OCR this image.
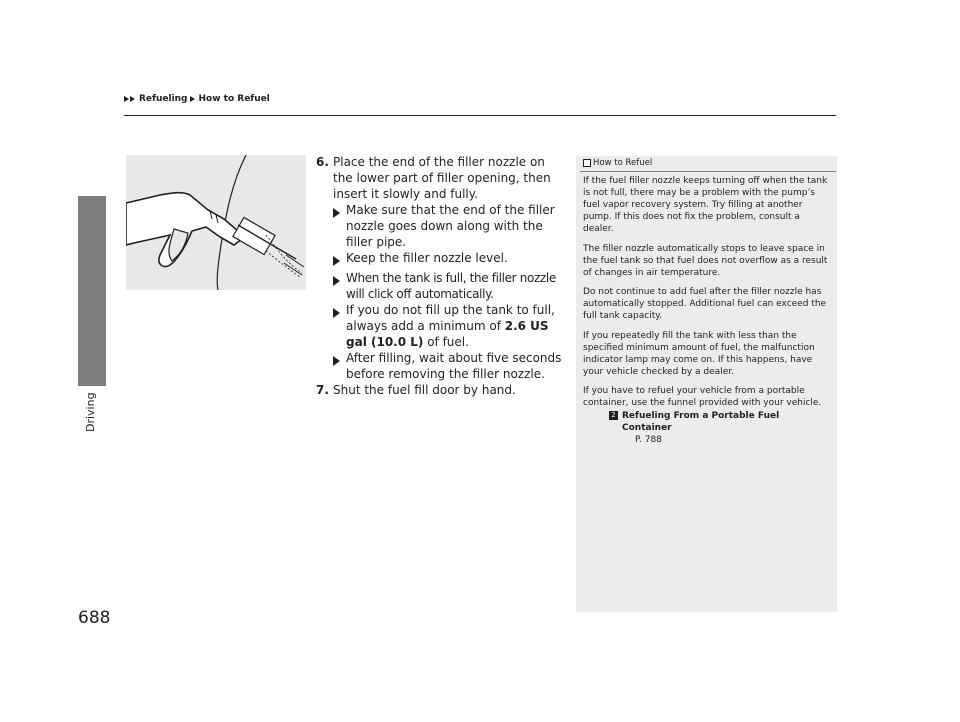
Refueling How to Refuel
Driving
688
6. Place the end of the filler nozzle on the lower part of filler opening, then insert it slowly and fully.
Make sure that the end of the filler nozzle goes down along with the filler pipe.
Keep the filler nozzle level.
When the tank is full, the filler nozzle will click off automatically.
If you do not fill up the tank to full, always add a minimum of 2.6 US gal (10.0 L) of fuel.
After filling, wait about five seconds before removing the filler nozzle.
7. Shut the fuel fill door by hand.
How to Refuel

If the fuel filler nozzle keeps turning off when the tank is not full, there may be a problem with the pump’s fuel vapor recovery system. Try filling at another pump. If this does not fix the problem, consult a dealer.

The filler nozzle automatically stops to leave space in the fuel tank so that fuel does not overflow as a result of changes in air temperature.

Do not continue to add fuel after the filler nozzle has automatically stopped. Additional fuel can exceed the full tank capacity.

If you repeatedly fill the tank with less than the specified minimum amount of fuel, the malfunction indicator lamp may come on. If this happens, have your vehicle checked by a dealer.

If you have to refuel your vehicle from a portable container, use the funnel provided with your vehicle.

2 Refueling From a Portable Fuel Container
P. 788
